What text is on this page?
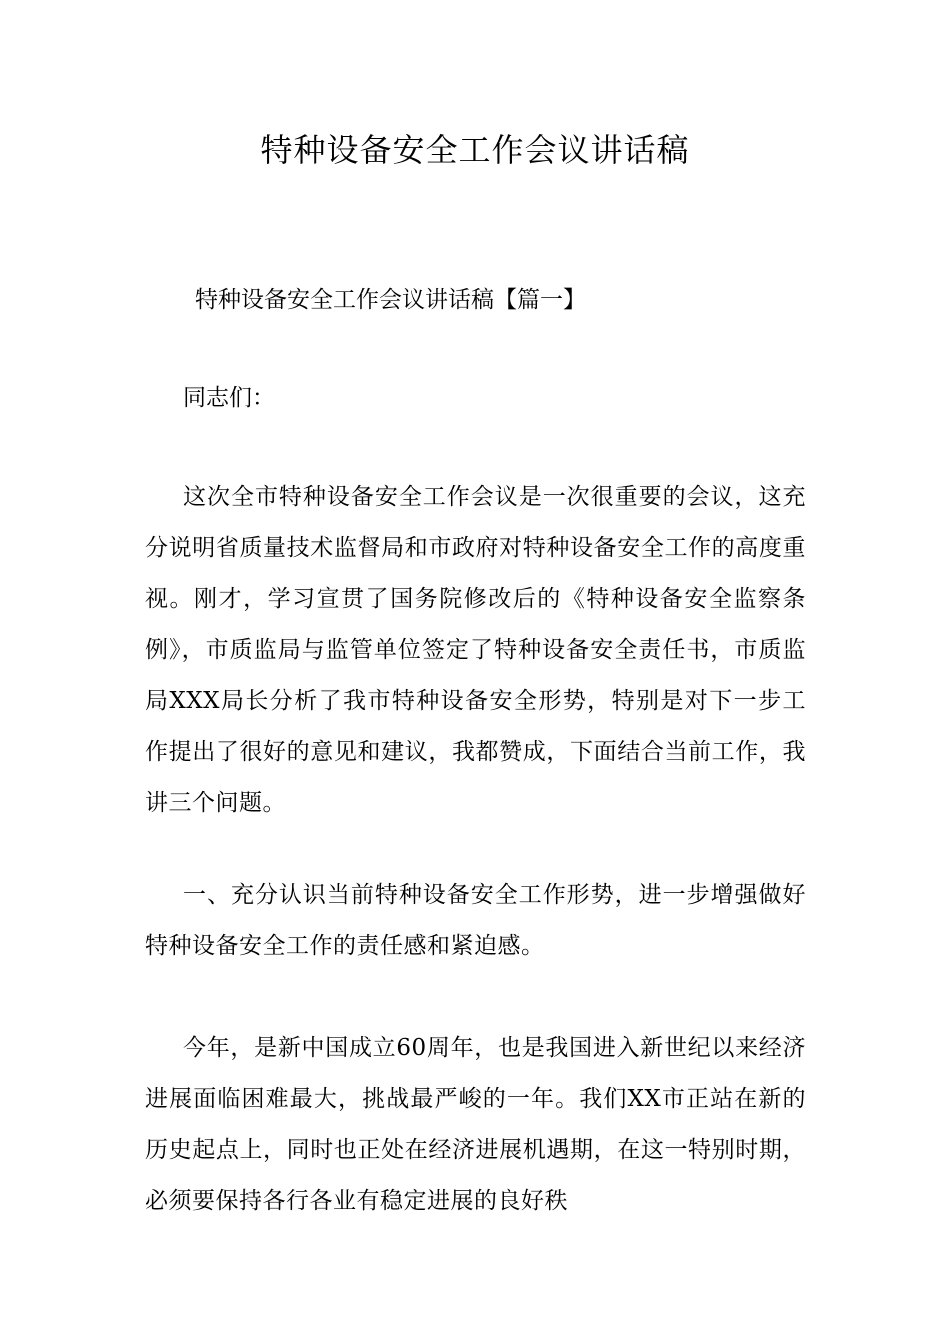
特种设备安全工作会议讲话稿
特种设备安全工作会议讲话稿【篇一】
同志们：
这次全市特种设备安全工作会议是一次很重要的会议，这充分说明省质量技术监督局和市政府对特种设备安全工作的高度重视。刚才，学习宣贯了国务院修改后的《特种设备安全监察条例》，市质监局与监管单位签定了特种设备安全责任书，市质监局XXX局长分析了我市特种设备安全形势，特别是对下一步工作提出了很好的意见和建议，我都赞成，下面结合当前工作，我讲三个问题。
一、充分认识当前特种设备安全工作形势，进一步增强做好特种设备安全工作的责任感和紧迫感。
今年，是新中国成立60周年，也是我国进入新世纪以来经济进展面临困难最大，挑战最严峻的一年。我们XX市正站在新的历史起点上，同时也正处在经济进展机遇期，在这一特别时期，必须要保持各行各业有稳定进展的良好秩
